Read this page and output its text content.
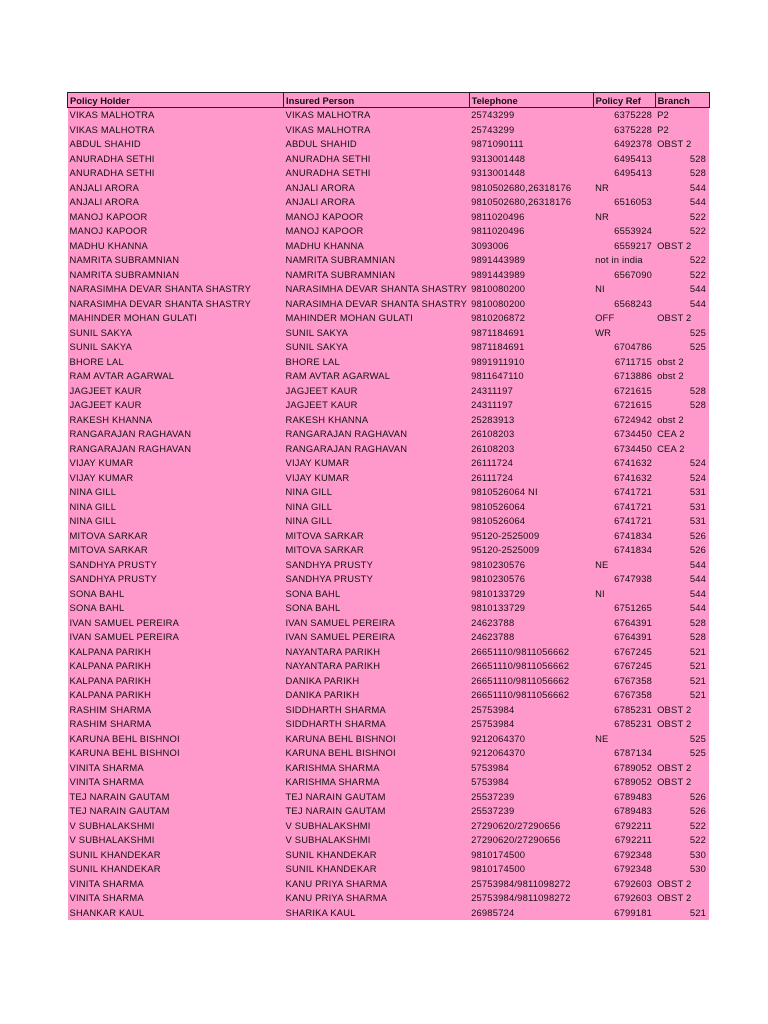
Policy Holder	Insured Person	Telephone	Policy Ref	Branch
VIKAS MALHOTRA	VIKAS MALHOTRA	25743299	6375228	P2
VIKAS MALHOTRA	VIKAS MALHOTRA	25743299	6375228	P2
ABDUL SHAHID	ABDUL SHAHID	9871090111	6492378	OBST 2
ANURADHA SETHI	ANURADHA SETHI	9313001448	6495413	528
ANURADHA SETHI	ANURADHA SETHI	9313001448	6495413	528
ANJALI ARORA	ANJALI ARORA	9810502680,26318176	NR	544
ANJALI ARORA	ANJALI ARORA	9810502680,26318176	6516053	544
MANOJ KAPOOR	MANOJ KAPOOR	9811020496	NR	522
MANOJ KAPOOR	MANOJ KAPOOR	9811020496	6553924	522
MADHU KHANNA	MADHU KHANNA	3093006	6559217	OBST 2
NAMRITA SUBRAMNIAN	NAMRITA SUBRAMNIAN	9891443989	not in india	522
NAMRITA SUBRAMNIAN	NAMRITA SUBRAMNIAN	9891443989	6567090	522
NARASIMHA DEVAR SHANTA SHASTRY	NARASIMHA DEVAR SHANTA SHASTRY	9810080200	NI	544
NARASIMHA DEVAR SHANTA SHASTRY	NARASIMHA DEVAR SHANTA SHASTRY	9810080200	6568243	544
MAHINDER MOHAN GULATI	MAHINDER MOHAN GULATI	9810206872	OFF	OBST 2
SUNIL SAKYA	SUNIL SAKYA	9871184691	WR	525
SUNIL SAKYA	SUNIL SAKYA	9871184691	6704786	525
BHORE LAL	BHORE LAL	9891911910	6711715	obst 2
RAM AVTAR AGARWAL	RAM AVTAR AGARWAL	9811647110	6713886	obst 2
JAGJEET KAUR	JAGJEET KAUR	24311197	6721615	528
JAGJEET KAUR	JAGJEET KAUR	24311197	6721615	528
RAKESH KHANNA	RAKESH KHANNA	25283913	6724942	obst 2
RANGARAJAN RAGHAVAN	RANGARAJAN RAGHAVAN	26108203	6734450	CEA 2
RANGARAJAN RAGHAVAN	RANGARAJAN RAGHAVAN	26108203	6734450	CEA 2
VIJAY KUMAR	VIJAY KUMAR	26111724	6741632	524
VIJAY KUMAR	VIJAY KUMAR	26111724	6741632	524
NINA GILL	NINA GILL	9810526064 NI	6741721	531
NINA GILL	NINA GILL	9810526064	6741721	531
NINA GILL	NINA GILL	9810526064	6741721	531
MITOVA SARKAR	MITOVA SARKAR	95120-2525009	6741834	526
MITOVA SARKAR	MITOVA SARKAR	95120-2525009	6741834	526
SANDHYA PRUSTY	SANDHYA PRUSTY	9810230576	NE	544
SANDHYA PRUSTY	SANDHYA PRUSTY	9810230576	6747938	544
SONA BAHL	SONA BAHL	9810133729	NI	544
SONA BAHL	SONA BAHL	9810133729	6751265	544
IVAN SAMUEL PEREIRA	IVAN SAMUEL PEREIRA	24623788	6764391	528
IVAN SAMUEL PEREIRA	IVAN SAMUEL PEREIRA	24623788	6764391	528
KALPANA PARIKH	NAYANTARA PARIKH	26651110/9811056662	6767245	521
KALPANA PARIKH	NAYANTARA PARIKH	26651110/9811056662	6767245	521
KALPANA PARIKH	DANIKA PARIKH	26651110/9811056662	6767358	521
KALPANA PARIKH	DANIKA PARIKH	26651110/9811056662	6767358	521
RASHIM SHARMA	SIDDHARTH SHARMA	25753984	6785231	OBST 2
RASHIM SHARMA	SIDDHARTH SHARMA	25753984	6785231	OBST 2
KARUNA BEHL BISHNOI	KARUNA BEHL BISHNOI	9212064370	NE	525
KARUNA BEHL BISHNOI	KARUNA BEHL BISHNOI	9212064370	6787134	525
VINITA SHARMA	KARISHMA SHARMA	5753984	6789052	OBST 2
VINITA SHARMA	KARISHMA SHARMA	5753984	6789052	OBST 2
TEJ NARAIN GAUTAM	TEJ NARAIN GAUTAM	25537239	6789483	526
TEJ NARAIN GAUTAM	TEJ NARAIN GAUTAM	25537239	6789483	526
V SUBHALAKSHMI	V SUBHALAKSHMI	27290620/27290656	6792211	522
V SUBHALAKSHMI	V SUBHALAKSHMI	27290620/27290656	6792211	522
SUNIL KHANDEKAR	SUNIL KHANDEKAR	9810174500	6792348	530
SUNIL KHANDEKAR	SUNIL KHANDEKAR	9810174500	6792348	530
VINITA SHARMA	KANU PRIYA SHARMA	25753984/9811098272	6792603	OBST 2
VINITA SHARMA	KANU PRIYA SHARMA	25753984/9811098272	6792603	OBST 2
SHANKAR KAUL	SHARIKA KAUL	26985724	6799181	521
